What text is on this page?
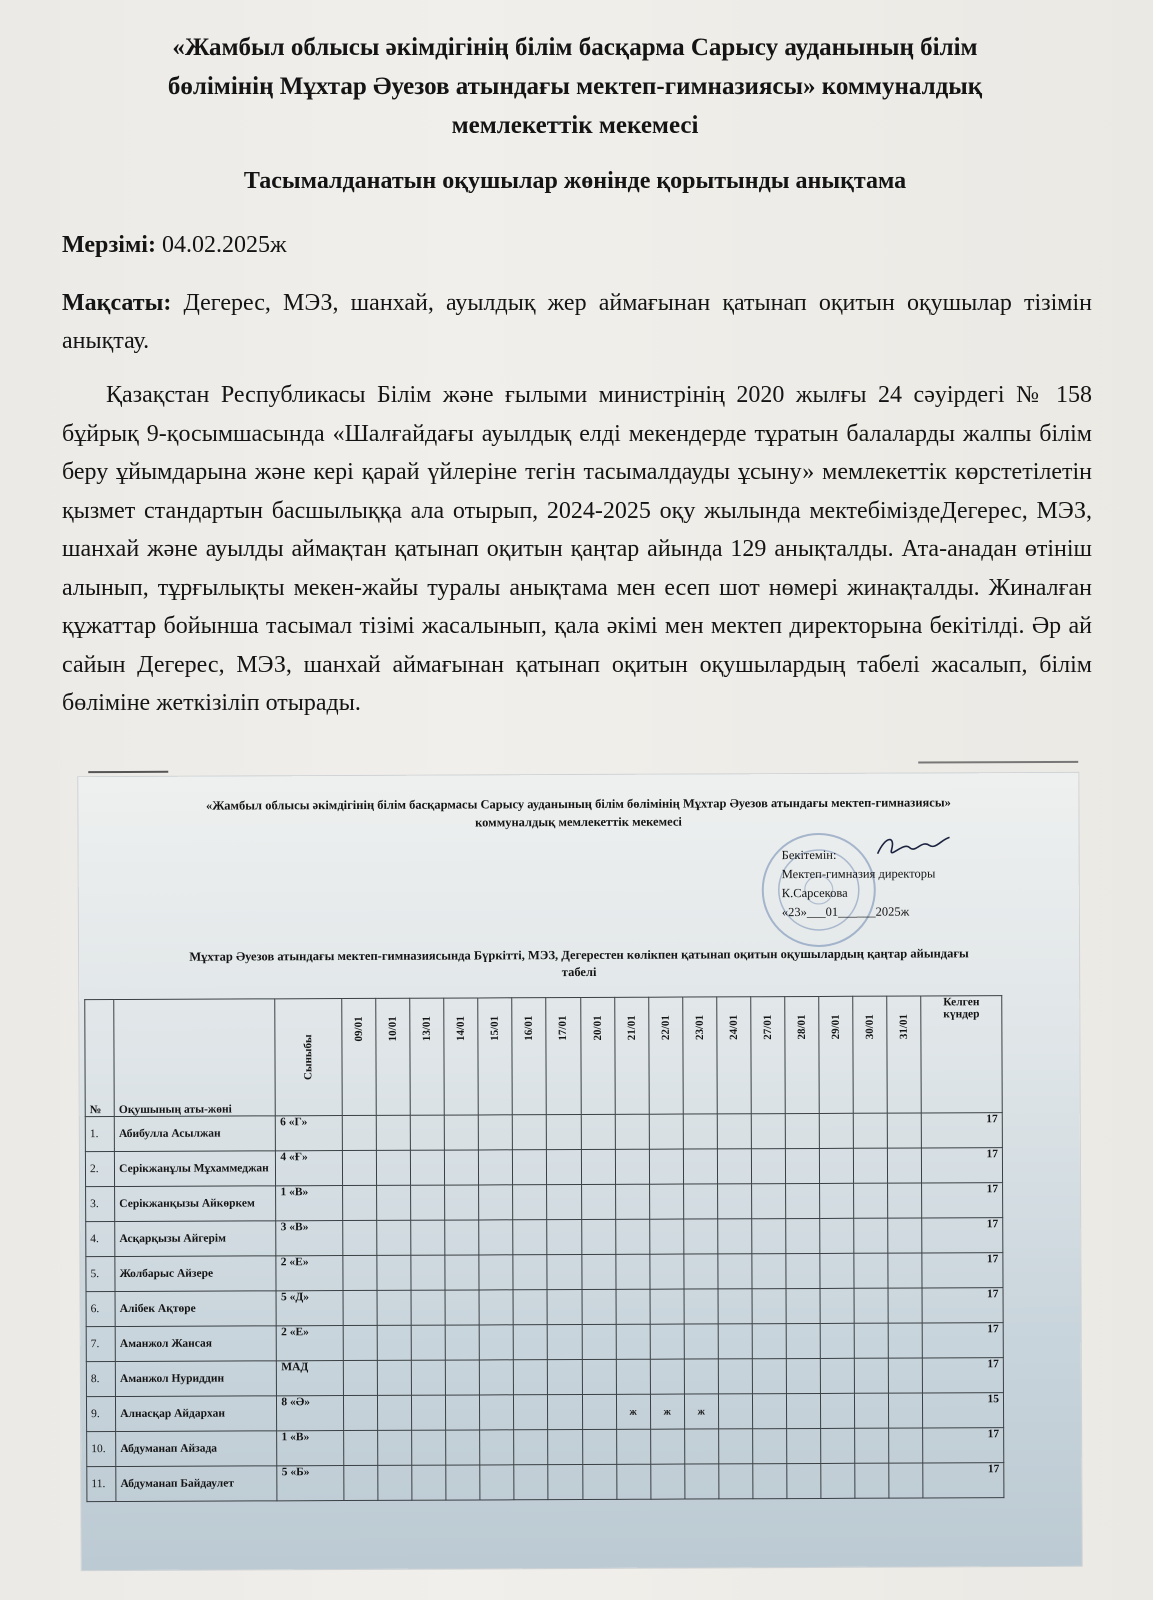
«Жамбыл облысы әкімдігінің білім басқарма Сарысу ауданының білім
бөлімінің Мұхтар Әуезов атындағы мектеп-гимназиясы» коммуналдық
мемлекеттік мекемесі
Тасымалданатын оқушылар жөнінде қорытынды анықтама
Мерзімі: 04.02.2025ж
Мақсаты: Дегерес, МЭЗ, шанхай, ауылдық жер аймағынан қатынап оқитын оқушылар тізімін анықтау.
Қазақстан Республикасы Білім және ғылыми министрінің 2020 жылғы 24 сәуірдегі № 158 бұйрық 9-қосымшасында «Шалғайдағы ауылдық елді мекендерде тұратын балаларды жалпы білім беру ұйымдарына және кері қарай үйлеріне тегін тасымалдауды ұсыну» мемлекеттік көрстетілетін қызмет стандартын басшылыққа ала отырып, 2024-2025 оқу жылында мектебімізде​Дегерес, МЭЗ, шанхай және ауылды аймақтан қатынап оқитын қаңтар айында 129 анықталды. Ата-анадан өтініш алынып, тұрғылықты мекен-жайы туралы анықтама мен есеп шот нөмері жинақталды. Жиналған құжаттар бойынша тасымал тізімі жасалынып, қала әкімі мен мектеп директорына бекітілді. Әр ай сайын Дегерес, МЭЗ, шанхай аймағынан қатынап оқитын оқушылардың табелі жасалып, білім бөліміне жеткізіліп отырады.
«Жамбыл облысы әкімдігінің білім басқармасы Сарысу ауданының білім бөлімінің Мұхтар Әуезов атындағы мектеп-гимназиясы»
коммуналдық мемлекеттік мекемесі
Бекітемін:
Мектеп-гимназия директоры
К.Сарсекова
«23»___01______2025ж
Мұхтар Әуезов атындағы мектеп-гимназиясында Бүркітті, МЭЗ, Дегерестен көлікпен қатынап оқитын оқушылардың қаңтар айындағы
табелі
№	Оқушының аты-жөні	Сыныбы	09/01	10/01	13/01	14/01	15/01	16/01	17/01	20/01	21/01	22/01	23/01	24/01	27/01	28/01	29/01	30/01	31/01	Келген күндер
1.	Абибулла Асылжан	6 «Г»																		17
2.	Серікжанұлы Мұхаммеджан	4 «Ғ»																		17
3.	Серікжанқызы Айкөркем	1 «В»																		17
4.	Асқарқызы Айгерім	3 «В»																		17
5.	Жолбарыс Айзере	2 «Е»																		17
6.	Алібек Ақтөре	5 «Д»																		17
7.	Аманжол Жансая	2 «Е»																		17
8.	Аманжол Нуриддин	МАД																		17
9.	Алнасқар Айдархан	8 «Ә»									ж	ж	ж							15
10.	Абдуманап Айзада	1 «В»																		17
11.	Абдуманап Байдаулет	5 «Б»																		17
